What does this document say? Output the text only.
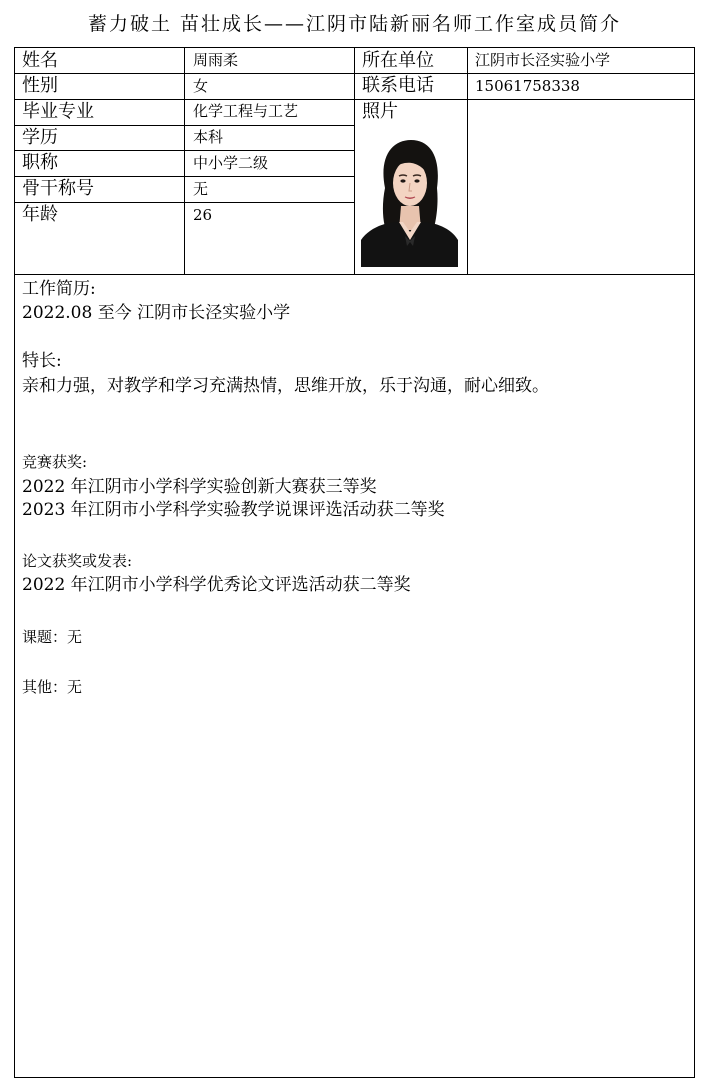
蓄力破土 苗壮成长——江阴市陆新丽名师工作室成员简介
姓名	周雨柔	所在单位	江阴市长泾实验小学
性别	女	联系电话	15061758338
毕业专业	化学工程与工艺	照片
学历	本科
职称	中小学二级
骨干称号	无
年龄	26
工作简历:
2022.08 至今 江阴市长泾实验小学
特长:
亲和力强，对教学和学习充满热情，思维开放，乐于沟通，耐心细致。
竞赛获奖:
2022 年江阴市小学科学实验创新大赛获三等奖
2023 年江阴市小学科学实验教学说课评选活动获二等奖
论文获奖或发表:
2022 年江阴市小学科学优秀论文评选活动获二等奖
课题：无
其他：无
